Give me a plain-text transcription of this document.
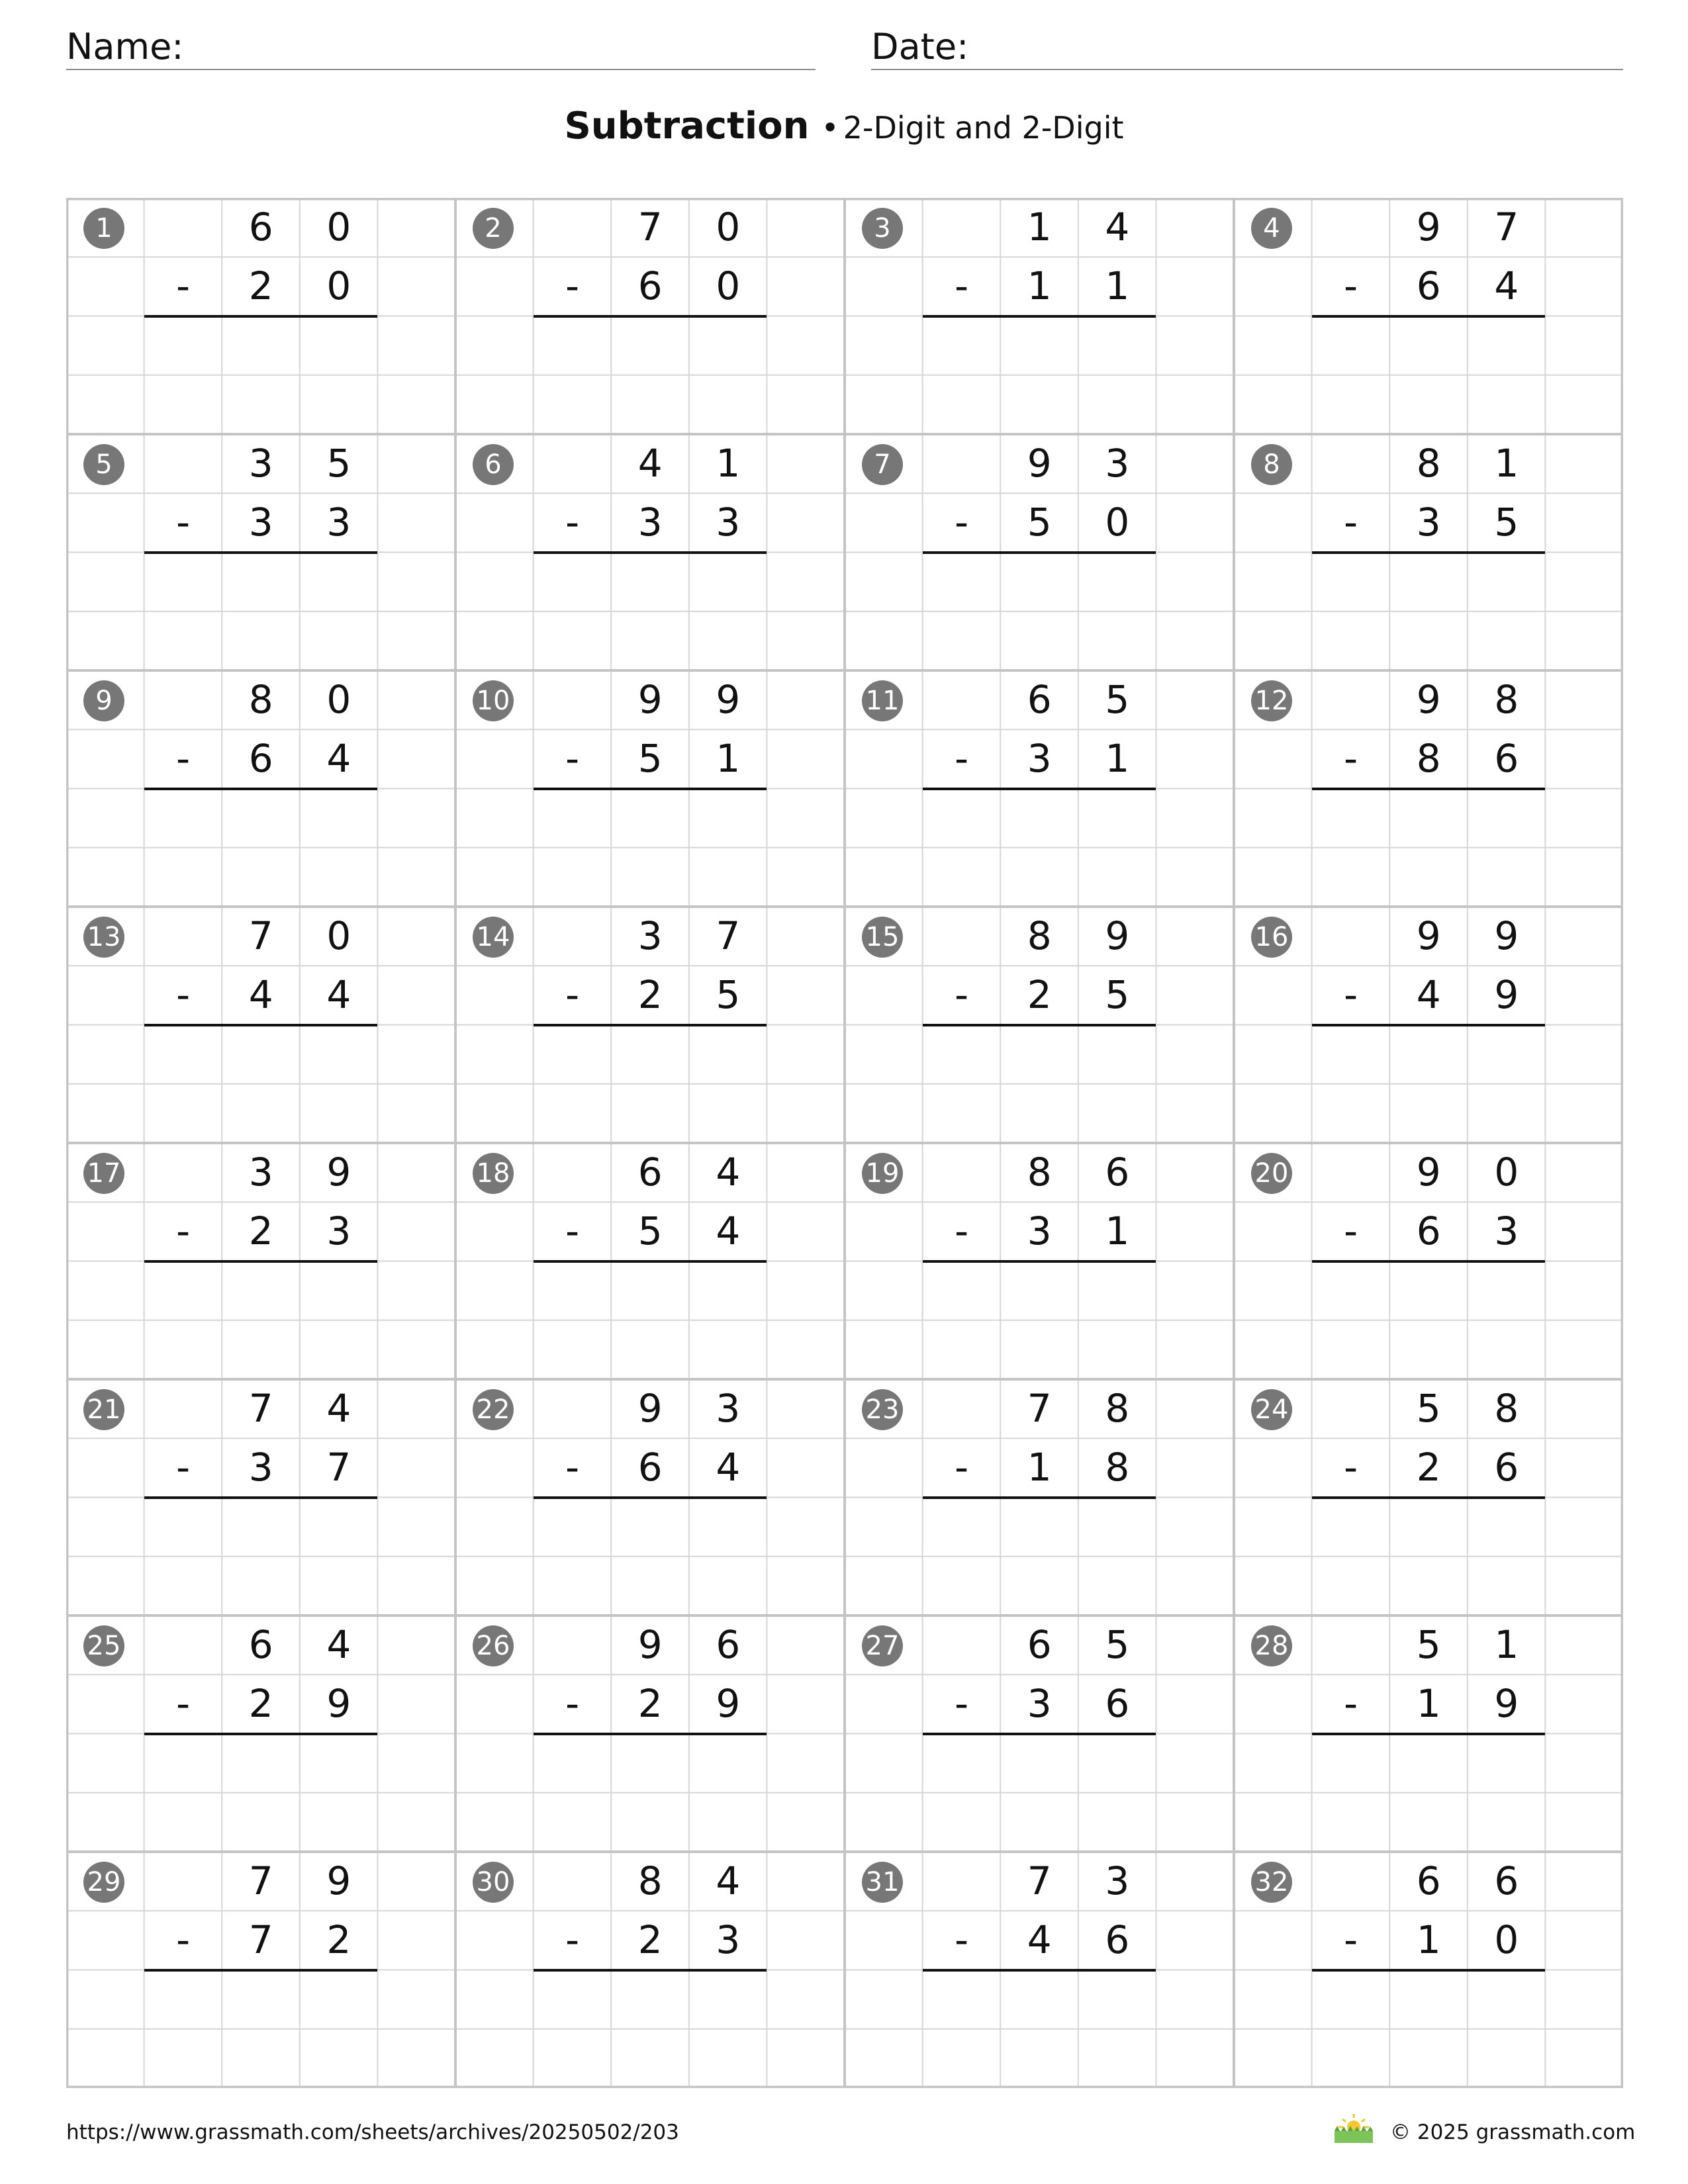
Name:	Date:
Subtraction • 2-Digit and 2-Digit
1	6	0
-	2	0
2	7	0
-	6	0
3	1	4
-	1	1
4	9	7
-	6	4
5	3	5
-	3	3
6	4	1
-	3	3
7	9	3
-	5	0
8	8	1
-	3	5
9	8	0
-	6	4
10	9	9
-	5	1
11	6	5
-	3	1
12	9	8
-	8	6
13	7	0
-	4	4
14	3	7
-	2	5
15	8	9
-	2	5
16	9	9
-	4	9
17	3	9
-	2	3
18	6	4
-	5	4
19	8	6
-	3	1
20	9	0
-	6	3
21	7	4
-	3	7
22	9	3
-	6	4
23	7	8
-	1	8
24	5	8
-	2	6
25	6	4
-	2	9
26	9	6
-	2	9
27	6	5
-	3	6
28	5	1
-	1	9
29	7	9
-	7	2
30	8	4
-	2	3
31	7	3
-	4	6
32	6	6
-	1	0
https://www.grassmath.com/sheets/archives/20250502/203	© 2025 grassmath.com
